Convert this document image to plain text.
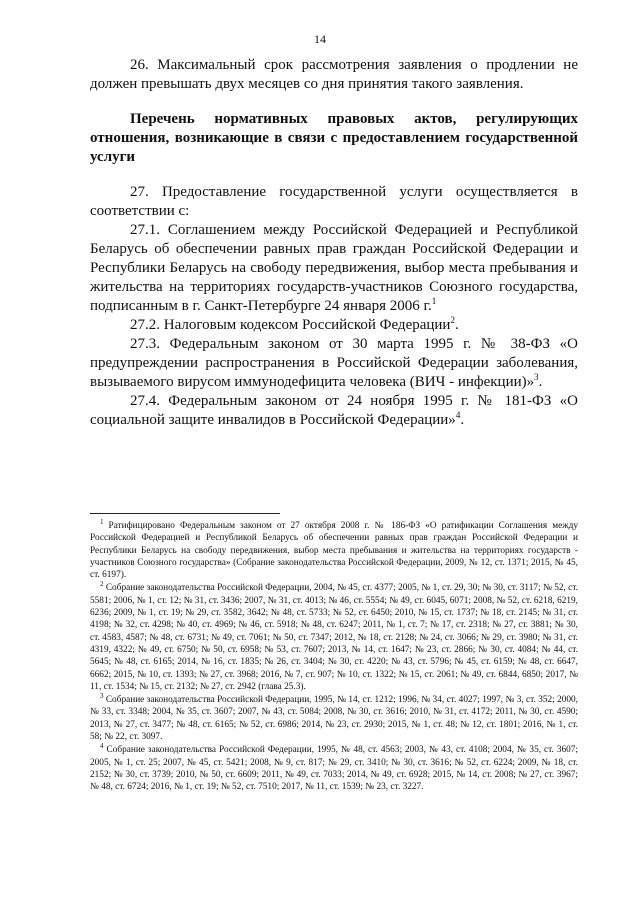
14

26. Максимальный срок рассмотрения заявления о продлении не должен превышать двух месяцев со дня принятия такого заявления.

Перечень нормативных правовых актов, регулирующих отношения, возникающие в связи с предоставлением государственной услуги

27. Предоставление государственной услуги осуществляется в соответствии с:

27.1. Соглашением между Российской Федерацией и Республикой Беларусь об обеспечении равных прав граждан Российской Федерации и Республики Беларусь на свободу передвижения, выбор места пребывания и жительства на территориях государств-участников Союзного государства, подписанным в г. Санкт-Петербурге 24 января 2006 г.$^1$

27.2. Налоговым кодексом Российской Федерации$^2$.

27.3. Федеральным законом от 30 марта 1995 г. № 38-ФЗ «О предупреждении распространения в Российской Федерации заболевания, вызываемого вирусом иммунодефицита человека (ВИЧ - инфекции)»$^3$.

27.4. Федеральным законом от 24 ноября 1995 г. № 181-ФЗ «О социальной защите инвалидов в Российской Федерации»$^4$.

$^1$ Ратифицировано Федеральным законом от 27 октября 2008 г. № 186-ФЗ «О ратификации Соглашения между Российской Федерацией и Республикой Беларусь об обеспечении равных прав граждан Российской Федерации и Республики Беларусь на свободу передвижения, выбор места пребывания и жительства на территориях государств - участников Союзного государства» (Собрание законодательства Российской Федерации, 2009, № 12, ст. 1371; 2015, № 45, ст. 6197).

$^2$ Собрание законодательства Российской Федерации, 2004, № 45, ст. 4377; 2005, № 1, ст. 29, 30; № 30, ст. 3117; № 52, ст. 5581; 2006, № 1, ст. 12; № 31, ст. 3436; 2007, № 31, ст. 4013; № 46, ст. 5554; № 49, ст. 6045, 6071; 2008, № 52, ст. 6218, 6219, 6236; 2009, № 1, ст. 19; № 29, ст. 3582, 3642; № 48, ст. 5733; № 52, ст. 6450; 2010, № 15, ст. 1737; № 18, ст. 2145; № 31, ст. 4198; № 32, ст. 4298; № 40, ст. 4969; № 46, ст. 5918; № 48, ст. 6247; 2011, № 1, ст. 7; № 17, ст. 2318; № 27, ст. 3881; № 30, ст. 4583, 4587; № 48, ст. 6731; № 49, ст. 7061; № 50, ст. 7347; 2012, № 18, ст. 2128; № 24, ст. 3066; № 29, ст. 3980; № 31, ст. 4319, 4322; № 49, ст. 6750; № 50, ст. 6958; № 53, ст. 7607; 2013, № 14, ст. 1647; № 23, ст. 2866; № 30, ст. 4084; № 44, ст. 5645; № 48, ст. 6165; 2014, № 16, ст. 1835; № 26, ст. 3404; № 30, ст. 4220; № 43, ст. 5796; № 45, ст. 6159; № 48, ст. 6647, 6662; 2015, № 10, ст. 1393; № 27, ст. 3968; 2016, № 7, ст. 907; № 10, ст. 1322; № 15, ст. 2061; № 49, ст. 6844, 6850; 2017, № 11, ст. 1534; № 15, ст. 2132; № 27, ст. 2942 (глава 25.3).

$^3$ Собрание законодательства Российской Федерации, 1995, № 14, ст. 1212; 1996, № 34, ст. 4027; 1997, № 3, ст. 352; 2000, № 33, ст. 3348; 2004, № 35, ст. 3607; 2007, № 43, ст. 5084; 2008, № 30, ст. 3616; 2010, № 31, ст. 4172; 2011, № 30, ст. 4590; 2013, № 27, ст. 3477; № 48, ст. 6165; № 52, ст. 6986; 2014, № 23, ст. 2930; 2015, № 1, ст. 48; № 12, ст. 1801; 2016, № 1, ст. 58; № 22, ст. 3097.

$^4$ Собрание законодательства Российской Федерации, 1995, № 48, ст. 4563; 2003, № 43, ст. 4108; 2004, № 35, ст. 3607; 2005, № 1, ст. 25; 2007, № 45, ст. 5421; 2008, № 9, ст. 817; № 29, ст. 3410; № 30, ст. 3616; № 52, ст. 6224; 2009, № 18, ст. 2152; № 30, ст. 3739; 2010, № 50, ст. 6609; 2011, № 49, ст. 7033; 2014, № 49, ст. 6928; 2015, № 14, ст. 2008; № 27, ст. 3967; № 48, ст. 6724; 2016, № 1, ст. 19; № 52, ст. 7510; 2017, № 11, ст. 1539; № 23, ст. 3227.
